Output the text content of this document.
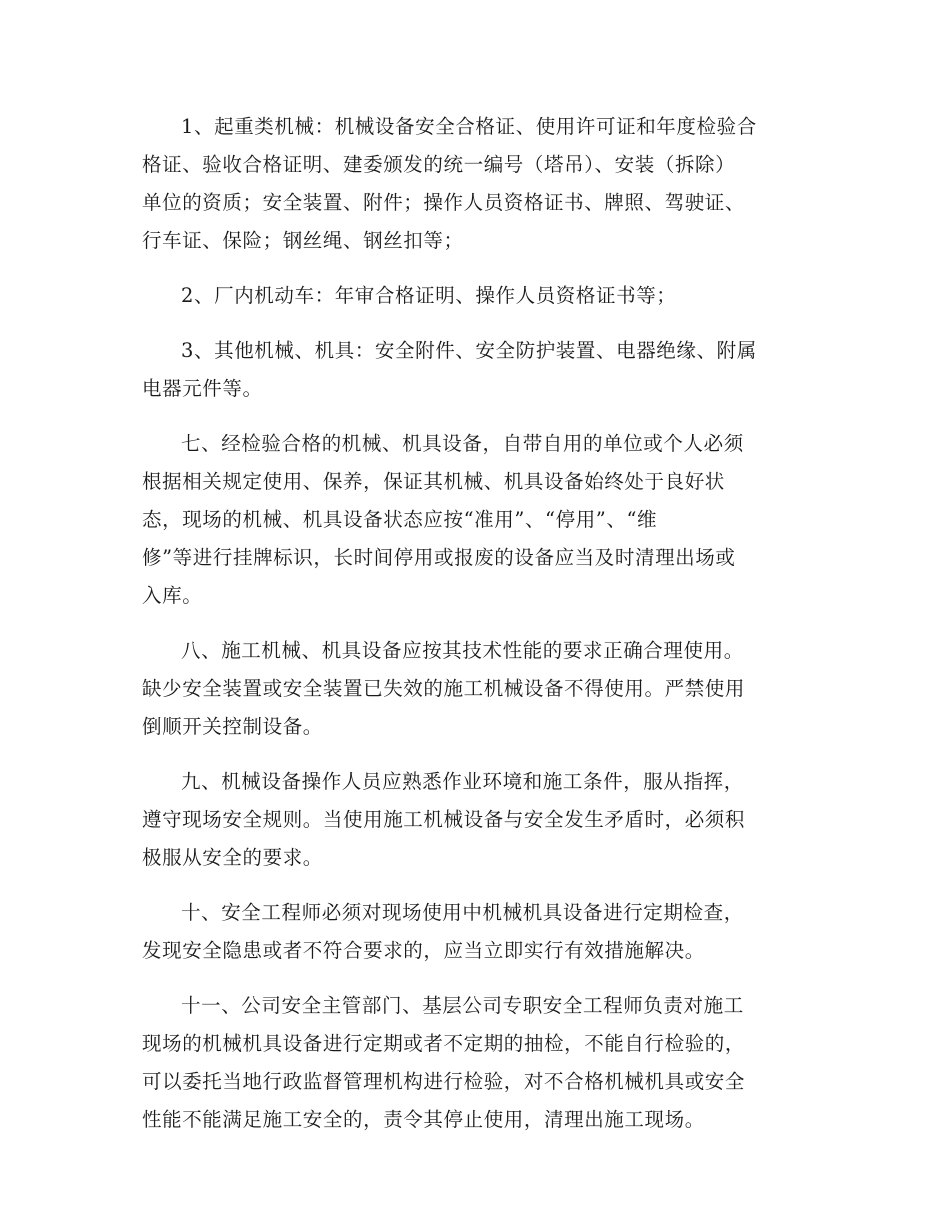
1、起重类机械：机械设备安全合格证、使用许可证和年度检验合
格证、验收合格证明、建委颁发的统一编号（塔吊）、安装（拆除）
单位的资质；安全装置、附件；操作人员资格证书、牌照、驾驶证、
行车证、保险；钢丝绳、钢丝扣等；

2、厂内机动车：年审合格证明、操作人员资格证书等；

3、其他机械、机具：安全附件、安全防护装置、电器绝缘、附属
电器元件等。

七、经检验合格的机械、机具设备，自带自用的单位或个人必须
根据相关规定使用、保养，保证其机械、机具设备始终处于良好状
态，现场的机械、机具设备状态应按“准用”、“停用”、“维
修”等进行挂牌标识，长时间停用或报废的设备应当及时清理出场或
入库。

八、施工机械、机具设备应按其技术性能的要求正确合理使用。
缺少安全装置或安全装置已失效的施工机械设备不得使用。严禁使用
倒顺开关控制设备。

九、机械设备操作人员应熟悉作业环境和施工条件，服从指挥，
遵守现场安全规则。当使用施工机械设备与安全发生矛盾时，必须积
极服从安全的要求。

十、安全工程师必须对现场使用中机械机具设备进行定期检查，
发现安全隐患或者不符合要求的，应当立即实行有效措施解决。

十一、公司安全主管部门、基层公司专职安全工程师负责对施工
现场的机械机具设备进行定期或者不定期的抽检，不能自行检验的，
可以委托当地行政监督管理机构进行检验，对不合格机械机具或安全
性能不能满足施工安全的，责令其停止使用，清理出施工现场。
